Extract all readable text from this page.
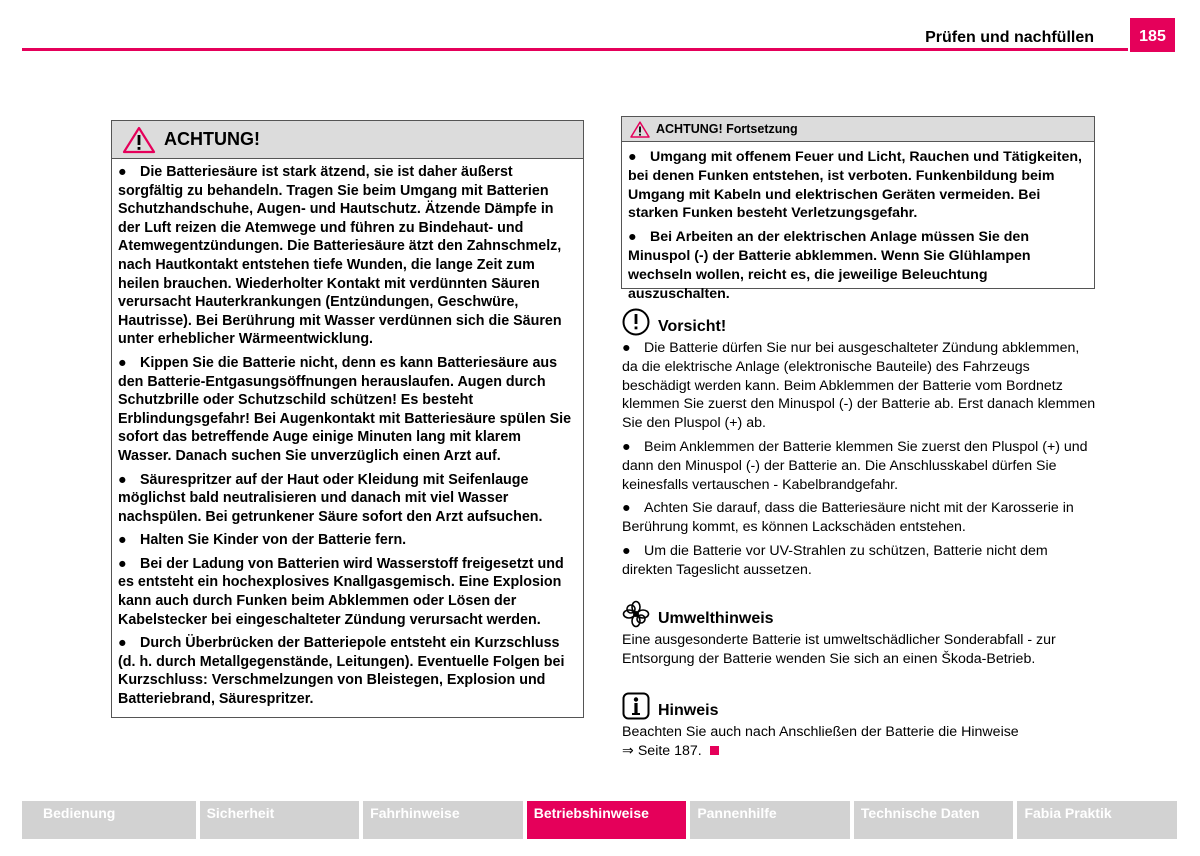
Prüfen und nachfüllen	185
ACHTUNG!

● Die Batteriesäure ist stark ätzend, sie ist daher äußerst sorgfältig zu behandeln. Tragen Sie beim Umgang mit Batterien Schutzhandschuhe, Augen- und Hautschutz. Ätzende Dämpfe in der Luft reizen die Atemwege und führen zu Bindehaut- und Atemwegentzündungen. Die Batteriesäure ätzt den Zahnschmelz, nach Hautkontakt entstehen tiefe Wunden, die lange Zeit zum heilen brauchen. Wiederholter Kontakt mit verdünnten Säuren verursacht Hauterkrankungen (Entzündungen, Geschwüre, Hautrisse). Bei Berührung mit Wasser verdünnen sich die Säuren unter erheblicher Wärmeentwicklung.

● Kippen Sie die Batterie nicht, denn es kann Batteriesäure aus den Batterie-Entgasungsöffnungen herauslaufen. Augen durch Schutzbrille oder Schutzschild schützen! Es besteht Erblindungsgefahr! Bei Augenkontakt mit Batteriesäure spülen Sie sofort das betreffende Auge einige Minuten lang mit klarem Wasser. Danach suchen Sie unverzüglich einen Arzt auf.

● Säurespritzer auf der Haut oder Kleidung mit Seifenlauge möglichst bald neutralisieren und danach mit viel Wasser nachspülen. Bei getrunkener Säure sofort den Arzt aufsuchen.

● Halten Sie Kinder von der Batterie fern.

● Bei der Ladung von Batterien wird Wasserstoff freigesetzt und es entsteht ein hochexplosives Knallgasgemisch. Eine Explosion kann auch durch Funken beim Abklemmen oder Lösen der Kabelstecker bei eingeschalteter Zündung verursacht werden.

● Durch Überbrücken der Batteriepole entsteht ein Kurzschluss (d. h. durch Metallgegenstände, Leitungen). Eventuelle Folgen bei Kurzschluss: Verschmelzungen von Bleistegen, Explosion und Batteriebrand, Säurespritzer.

ACHTUNG! Fortsetzung

● Umgang mit offenem Feuer und Licht, Rauchen und Tätigkeiten, bei denen Funken entstehen, ist verboten. Funkenbildung beim Umgang mit Kabeln und elektrischen Geräten vermeiden. Bei starken Funken besteht Verletzungsgefahr.

● Bei Arbeiten an der elektrischen Anlage müssen Sie den Minuspol (-) der Batterie abklemmen. Wenn Sie Glühlampen wechseln wollen, reicht es, die jeweilige Beleuchtung auszuschalten.

Vorsicht!

● Die Batterie dürfen Sie nur bei ausgeschalteter Zündung abklemmen, da die elektrische Anlage (elektronische Bauteile) des Fahrzeugs beschädigt werden kann. Beim Abklemmen der Batterie vom Bordnetz klemmen Sie zuerst den Minuspol (-) der Batterie ab. Erst danach klemmen Sie den Pluspol (+) ab.

● Beim Anklemmen der Batterie klemmen Sie zuerst den Pluspol (+) und dann den Minuspol (-) der Batterie an. Die Anschlusskabel dürfen Sie keinesfalls vertauschen - Kabelbrandgefahr.

● Achten Sie darauf, dass die Batteriesäure nicht mit der Karosserie in Berührung kommt, es können Lackschäden entstehen.

● Um die Batterie vor UV-Strahlen zu schützen, Batterie nicht dem direkten Tageslicht aussetzen.

Umwelthinweis

Eine ausgesonderte Batterie ist umweltschädlicher Sonderabfall - zur Entsorgung der Batterie wenden Sie sich an einen Škoda-Betrieb.

Hinweis
Beachten Sie auch nach Anschließen der Batterie die Hinweise
⇒ Seite 187.
Bedienung	Sicherheit	Fahrhinweise	Betriebshinweise	Pannenhilfe	Technische Daten	Fabia Praktik
